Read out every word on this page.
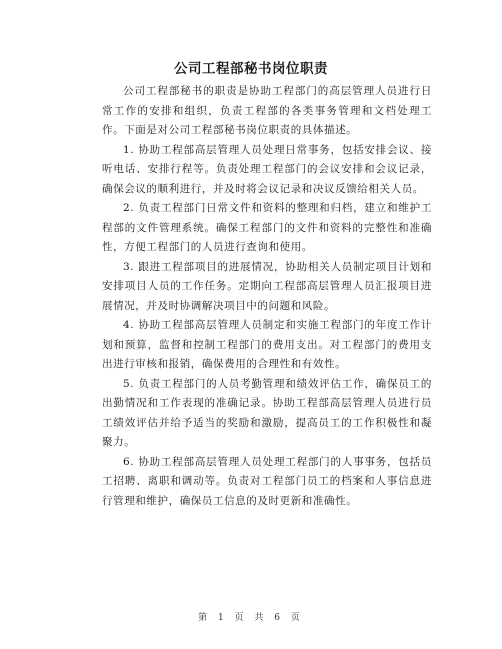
公司工程部秘书岗位职责

公司工程部秘书的职责是协助工程部门的高层管理人员进行日常工作的安排和组织，负责工程部的各类事务管理和文档处理工作。下面是对公司工程部秘书岗位职责的具体描述。

1. 协助工程部高层管理人员处理日常事务，包括安排会议、接听电话、安排行程等。负责处理工程部门的会议安排和会议记录，确保会议的顺利进行，并及时将会议记录和决议反馈给相关人员。

2. 负责工程部门日常文件和资料的整理和归档，建立和维护工程部的文件管理系统。确保工程部门的文件和资料的完整性和准确性，方便工程部门的人员进行查询和使用。

3. 跟进工程部项目的进展情况，协助相关人员制定项目计划和安排项目人员的工作任务。定期向工程部高层管理人员汇报项目进展情况，并及时协调解决项目中的问题和风险。

4. 协助工程部高层管理人员制定和实施工程部门的年度工作计划和预算，监督和控制工程部门的费用支出。对工程部门的费用支出进行审核和报销，确保费用的合理性和有效性。

5. 负责工程部门的人员考勤管理和绩效评估工作，确保员工的出勤情况和工作表现的准确记录。协助工程部高层管理人员进行员工绩效评估并给予适当的奖励和激励，提高员工的工作积极性和凝聚力。

6. 协助工程部高层管理人员处理工程部门的人事事务，包括员工招聘、离职和调动等。负责对工程部门员工的档案和人事信息进行管理和维护，确保员工信息的及时更新和准确性。

第 1 页 共 6 页
